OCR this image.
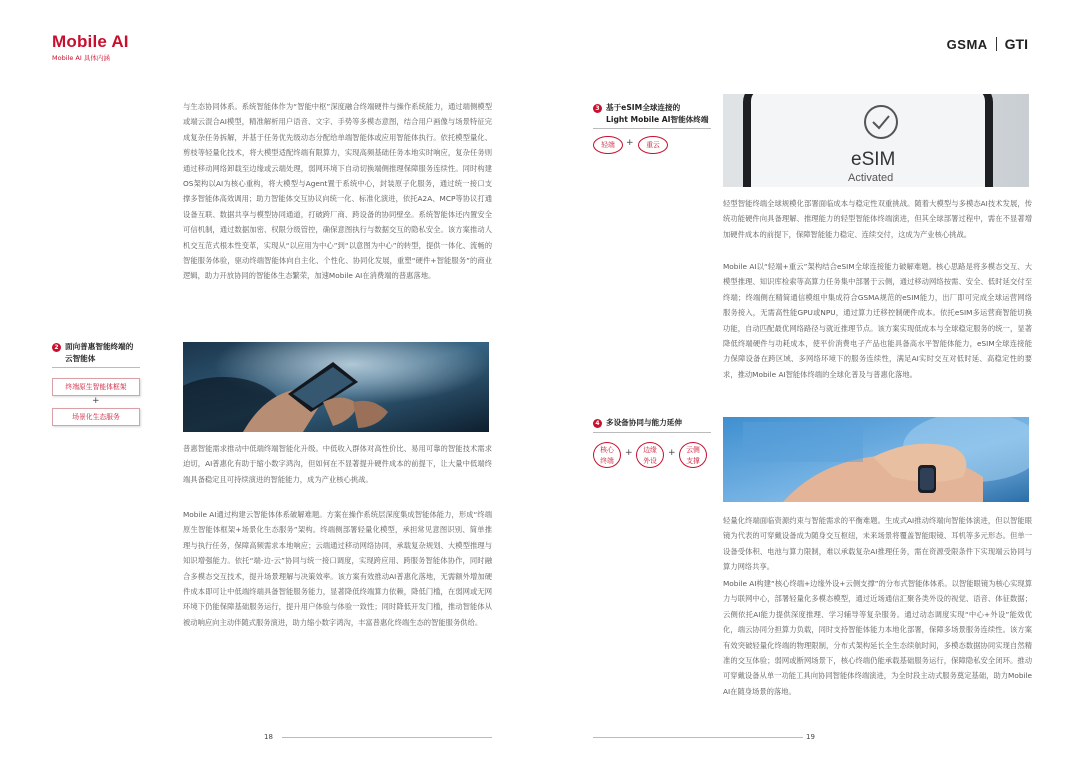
Mobile AI
Mobile AI 具体内涵

与生态协同体系。系统智能体作为“智能中枢”深度融合终端硬件与操作系统能力，通过端侧模型或端云混合AI模型，精准解析用户语音、文字、手势等多模态意图，结合用户画像与场景特征完成复杂任务拆解，并基于任务优先级动态分配给单端智能体或应用智能体执行。依托模型量化、剪枝等轻量化技术，将大模型适配终端有限算力，实现高频基础任务本地实时响应，复杂任务则通过移动网络卸载至边缘或云端处理，弱网环境下自动切换端侧推理保障服务连续性。同时构建OS架构以AI为核心重构，将大模型与Agent置于系统中心，封装原子化服务，通过统一接口支撑多智能体高效调用；助力智能体交互协议向统一化、标准化演进，依托A2A、MCP等协议打通设备互联、数据共享与模型协同通道，打破跨厂商、跨设备的协同壁垒。系统智能体还内置安全可信机制，通过数据加密、权限分级管控，确保意图执行与数据交互的隐私安全。该方案推动人机交互范式根本性变革，实现从“以应用为中心”到“以意图为中心”的转型，提供一体化、流畅的智能服务体验，驱动终端智能体向自主化、个性化、协同化发展，重塑“硬件+智能服务”的商业逻辑，助力开放协同的智能体生态繁荣，加速Mobile AI在消费端的普惠落地。

2 面向普惠智能终端的
云智能体
终端原生智能体框架
+
场景化生态服务

普惠智能需求推动中低端终端智能化升级。中低收入群体对高性价比、易用可靠的智能技术需求迫切，AI普惠化有助于缩小数字鸿沟，但如何在不显著提升硬件成本的前提下，让大量中低端终端具备稳定且可持续演进的智能能力，成为产业核心挑战。

Mobile AI通过构建云智能体体系破解难题。方案在操作系统层深度集成智能体能力，形成“终端原生智能体框架+场景化生态服务”架构。终端侧部署轻量化模型，承担常见意图识别、简单推理与执行任务，保障高频需求本地响应；云端通过移动网络协同，承载复杂规划、大模型推理与知识增强能力。依托“端-边-云”协同与统一接口调度，实现跨应用、跨服务智能体协作，同时融合多模态交互技术，提升场景理解与决策效率。该方案有效推动AI普惠化落地，无需额外增加硬件成本即可让中低端终端具备智能服务能力，显著降低终端算力依赖，降低门槛，在弱网或无网环境下仍能保障基础服务运行，提升用户体验与体验一致性；同时降低开发门槛，推动智能体从被动响应向主动伴随式服务演进，助力缩小数字鸿沟，丰富普惠化终端生态的智能服务供给。

18
GSMA GTI
3 基于eSIM全球连接的
Light Mobile AI智能体终端
轻端	+	重云
eSIM
Activated

轻型智能终端全球规模化部署面临成本与稳定性双重挑战。随着大模型与多模态AI技术发展，传统功能硬件向具备理解、推理能力的轻型智能体终端演进，但其全球部署过程中，需在不显著增加硬件成本的前提下，保障智能能力稳定、连续交付，这成为产业核心挑战。

Mobile AI以“轻端+重云”架构结合eSIM全球连接能力破解难题。核心思路是将多模态交互、大模型推理、知识库检索等高算力任务集中部署于云侧，通过移动网络按需、安全、低时延交付至终端；终端侧在精简通信模组中集成符合GSMA规范的eSIM能力，出厂即可完成全球运营网络服务接入，无需高性能GPU或NPU，通过算力迁移控制硬件成本。依托eSIM多运营商智能切换功能，自动匹配最优网络路径与就近推理节点。该方案实现低成本与全球稳定服务的统一，显著降低终端硬件与功耗成本，使平价消费电子产品也能具备高水平智能体能力，eSIM全球连接能力保障设备在跨区域、多网络环境下的服务连续性，满足AI实时交互对低时延、高稳定性的要求，推动Mobile AI智能体终端的全球化普及与普惠化落地。

4 多设备协同与能力延伸
核心
终端
+	边缘
外设
+	云侧
支撑

轻量化终端面临资源约束与智能需求的平衡难题。生成式AI推动终端向智能体演进，但以智能眼镜为代表的可穿戴设备成为随身交互枢纽，未来场景将覆盖智能眼镜、耳机等多元形态。但单一设备受体积、电池与算力限制，难以承载复杂AI推理任务，需在资源受限条件下实现端云协同与算力网络共享。

Mobile AI构建“核心终端+边缘外设+云侧支撑”的分布式智能体体系。以智能眼镜为核心实现算力与联网中心，部署轻量化多模态模型，通过近场通信汇聚各类外设的视觉、语音、体征数据；云侧依托AI能力提供深度推理、学习辅导等复杂服务。通过动态调度实现“中心+外设”能效优化，端云协同分担算力负载，同时支持智能体能力本地化部署，保障多场景服务连续性。该方案有效突破轻量化终端的物理限制，分布式架构延长全生态续航时间，多模态数据协同实现自然精准的交互体验；弱网或断网场景下，核心终端仍能承载基础服务运行，保障隐私安全闭环。推动可穿戴设备从单一功能工具向协同智能体终端演进，为全时段主动式服务奠定基础，助力Mobile AI在随身场景的落地。

19
